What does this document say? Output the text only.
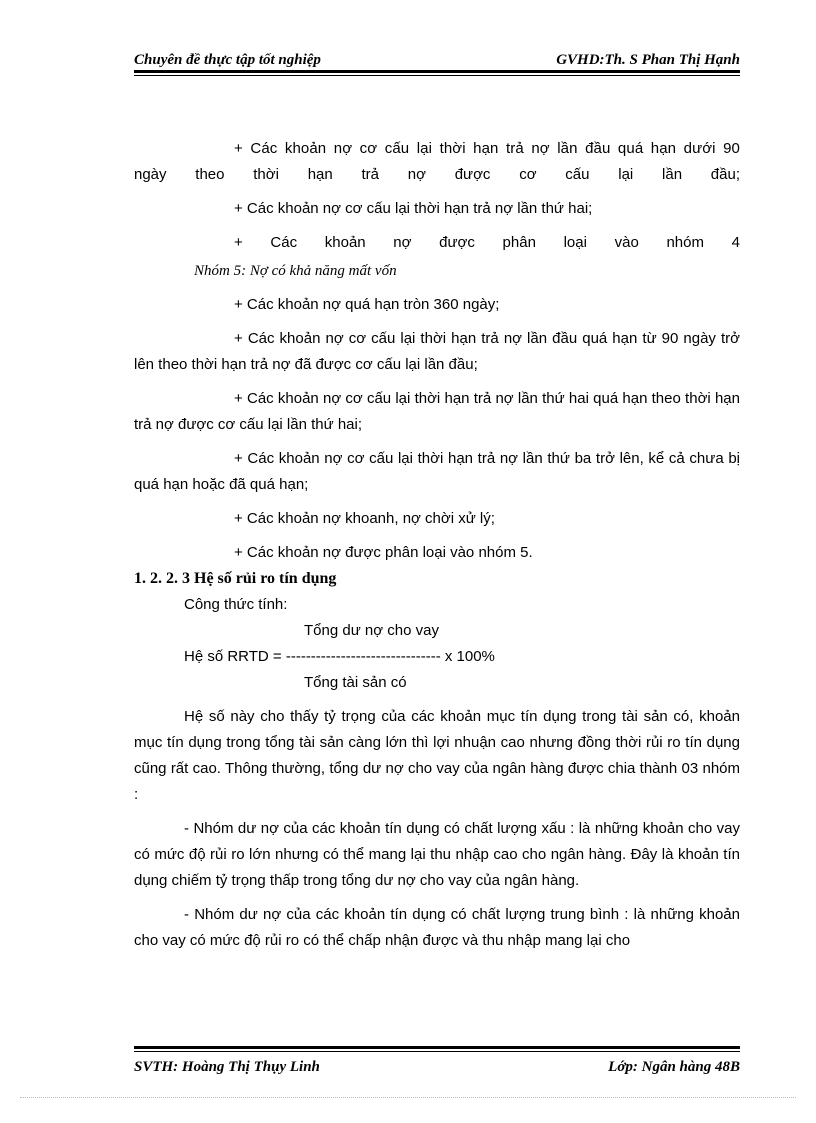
Chuyên đề thực tập tốt nghiệp	GVHD:Th. S Phan Thị Hạnh

+ Các khoản nợ cơ cấu lại thời hạn trả nợ lần đầu quá hạn dưới 90

ngày theo thời hạn trả nợ được cơ cấu lại lần đầu;

+ Các khoản nợ cơ cấu lại thời hạn trả nợ lần thứ hai;

+ Các khoản nợ được phân loại vào nhóm 4

Nhóm 5: Nợ có khả năng mất vốn

+ Các khoản nợ quá hạn tròn 360 ngày;

+ Các khoản nợ cơ cấu lại thời hạn trả nợ lần đầu quá hạn từ 90 ngày trở lên theo thời hạn trả nợ đã được cơ cấu lại lần đầu;

+ Các khoản nợ cơ cấu lại thời hạn trả nợ lần thứ hai quá hạn theo thời hạn trả nợ được cơ cấu lại lần thứ hai;

+ Các khoản nợ cơ cấu lại thời hạn trả nợ lần thứ ba trở lên, kể cả chưa bị quá hạn hoặc đã quá hạn;

+ Các khoản nợ khoanh, nợ chời xử lý;

+ Các khoản nợ được phân loại vào nhóm 5.

1. 2. 2. 3 Hệ số rủi ro tín dụng

Công thức tính:

Tổng dư nợ cho vay

Hệ số RRTD = ------------------------------- x 100%

Tổng tài sản có

Hệ số này cho thấy tỷ trọng của các khoản mục tín dụng trong tài sản có, khoản mục tín dụng trong tổng tài sản càng lớn thì lợi nhuận cao nhưng đồng thời rủi ro tín dụng cũng rất cao. Thông thường, tổng dư nợ cho vay của ngân hàng được chia thành 03 nhóm :

- Nhóm dư nợ của các khoản tín dụng có chất lượng xấu : là những khoản cho vay có mức độ rủi ro lớn nhưng có thể mang lại thu nhập cao cho ngân hàng. Đây là khoản tín dụng chiếm tỷ trọng thấp trong tổng dư nợ cho vay của ngân hàng.

- Nhóm dư nợ của các khoản tín dụng có chất lượng trung bình : là những khoản cho vay có mức độ rủi ro có thể chấp nhận được và thu nhập mang lại cho

SVTH: Hoàng Thị Thụy Linh	Lớp: Ngân hàng 48B
